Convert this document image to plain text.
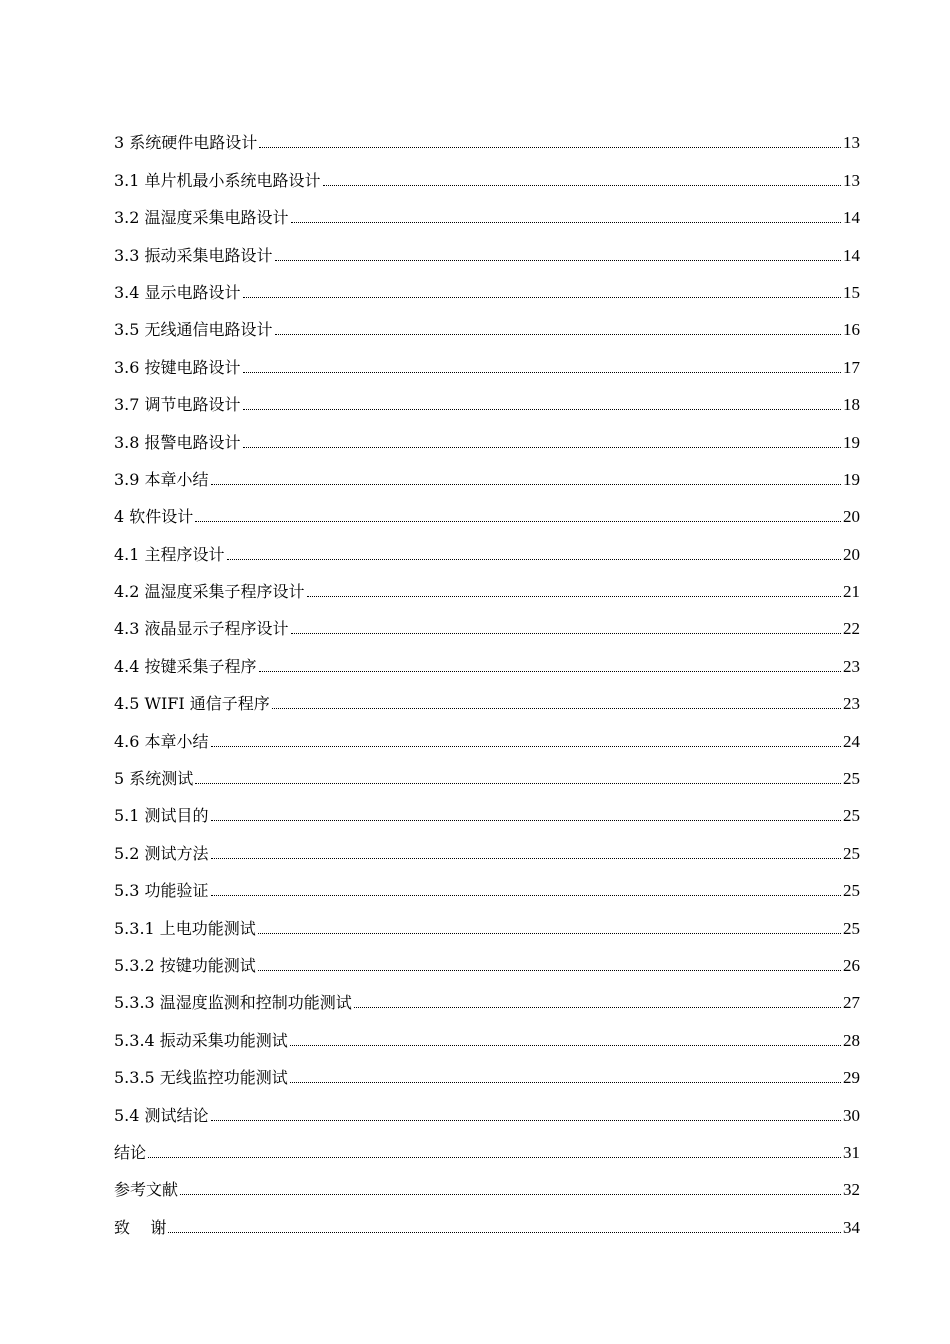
3 系统硬件电路设计	13
3.1 单片机最小系统电路设计	13
3.2 温湿度采集电路设计	14
3.3 振动采集电路设计	14
3.4 显示电路设计	15
3.5 无线通信电路设计	16
3.6 按键电路设计	17
3.7 调节电路设计	18
3.8 报警电路设计	19
3.9 本章小结	19
4 软件设计	20
4.1 主程序设计	20
4.2 温湿度采集子程序设计	21
4.3 液晶显示子程序设计	22
4.4 按键采集子程序	23
4.5 WIFI 通信子程序	23
4.6 本章小结	24
5 系统测试	25
5.1 测试目的	25
5.2 测试方法	25
5.3 功能验证	25
5.3.1 上电功能测试	25
5.3.2 按键功能测试	26
5.3.3 温湿度监测和控制功能测试	27
5.3.4 振动采集功能测试	28
5.3.5 无线监控功能测试	29
5.4 测试结论	30
结论	31
参考文献	32
致    谢	34
